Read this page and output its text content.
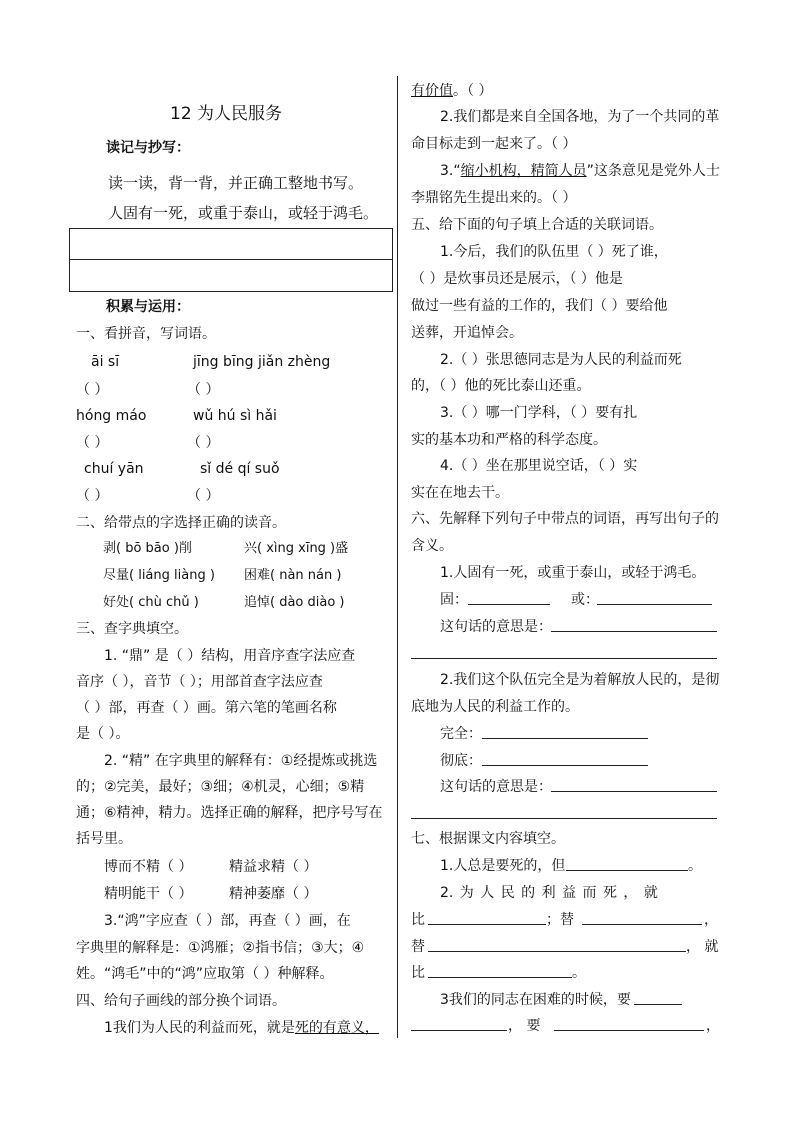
12 为人民服务
读记与抄写：
读一读，背一背，并正确工整地书写。
人固有一死，或重于泰山，或轻于鸿毛。
积累与运用：
一、看拼音，写词语。
āi sī	jīng bīng jiǎn zhèng
（ ）	（ ）
hóng máo	wǔ hú sì hǎi
（ ）	（ ）
chuí yān	sǐ dé qí suǒ
（ ）	（ ）
二、给带点的字选择正确的读音。
剥( bō bāo )削	兴( xìng xīng )盛
尽量( liáng liàng ) 困难( nàn nán )
好处( chù chǔ )	追悼( dào diào )
三、查字典填空。
1. “鼎” 是（ ）结构，用音序查字法应查
音序（ ），音节（ ）；用部首查字法应查
（ ）部，再查（ ）画。第六笔的笔画名称
是（ ）。
2. “精” 在字典里的解释有：①经提炼或挑选
的；②完美，最好；③细；④机灵，心细；⑤精
通；⑥精神，精力。选择正确的解释，把序号写在
括号里。
博而不精（ ）	精益求精（ ）
精明能干（ ）	精神萎靡（ ）
3.“鸿”字应查（ ）部，再查（ ）画，在
字典里的解释是：①鸿雁；②指书信；③大；④
姓。“鸿毛”中的“鸿”应取第（ ）种解释。
四、给句子画线的部分换个词语。
1我们为人民的利益而死，就是死的有意义，
有价值。（ ）
2.我们都是来自全国各地，为了一个共同的革
命目标走到一起来了。（ ）
3.“缩小机构，精简人员”这条意见是党外人士
李鼎铭先生提出来的。（ ）
五、给下面的句子填上合适的关联词语。
1.今后，我们的队伍里（ ）死了谁，
（ ）是炊事员还是展示，（ ）他是
做过一些有益的工作的，我们（ ）要给他
送葬，开追悼会。
2.（ ）张思德同志是为人民的利益而死
的，（ ）他的死比泰山还重。
3.（ ）哪一门学科，（ ）要有扎
实的基本功和严格的科学态度。
4.（ ）坐在那里说空话，（ ）实
实在在地去干。
六、先解释下列句子中带点的词语，再写出句子的
含义。
1.人固有一死，或重于泰山，或轻于鸿毛。
固：	或：
这句话的意思是：
2.我们这个队伍完全是为着解放人民的，是彻
底地为人民的利益工作的。
完全：
彻底：
这句话的意思是：
七、根据课文内容填空。
1.人总是要死的，但	。
2. 为 人 民 的 利 益 而 死 ， 就
比	；替	，
替	， 就
比	。
3我们的同志在困难的时候，要
， 要	，
